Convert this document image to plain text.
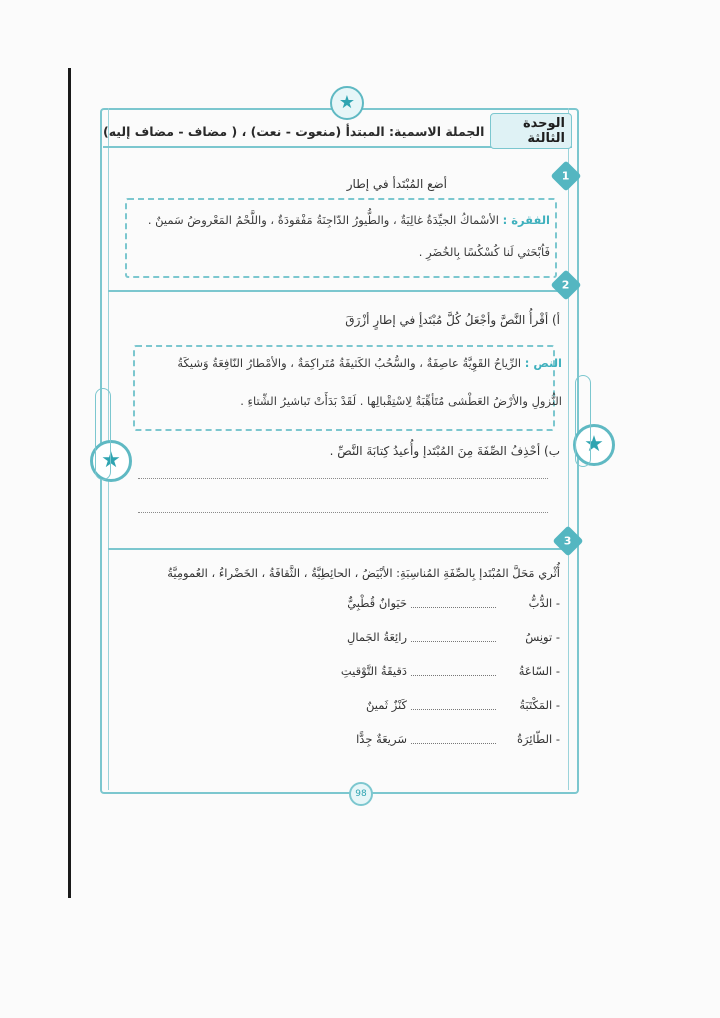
★
★
★
الوحدة الثالثة
الجملة الاسمية: المبتدأ (منعوت - نعت) ، ( مضاف - مضاف إليه)
1
أضع المُبْتَدأ في إطار
الفقرة : الأسْماكُ الجيِّدَةُ غالِيَةٌ ، والطُّيورُ الدّاجِنَةُ مَفْقودَةٌ ، واللَّحْمُ المَعْروضُ سَمينٌ .
فَاُبْحَثي لَنا كُسْكُسًا بِالخُضَرِ .
2
أ) أقْرأُ النَّصَّ وأجْعَلُ كُلَّ مُبْتَدأٍ في إطارٍ أزْرَقَ
النص : الرِّياحُ القَوِيَّةُ عاصِفَةٌ ، والسُّحُبُ الكَثيفَةُ مُتَراكِمَةٌ ، والأمْطارُ النّافِعَةُ وَشيكَةُ
النُّزولِ والأرْضُ العَطْشى مُتَأهِّبَةٌ لِاسْتِقْبالِها . لَقَدْ بَدَأَتْ تَباشيرُ الشِّتاءِ .
ب) أحْذِفُ الصِّفَةَ مِنَ المُبْتَدإ وأُعيدُ كِتابَةَ النَّصِّ .
3
أُثْري مَحَلَّ المُبْتَدإ بِالصِّفَةِ المُناسِبَةِ: الأبْيَضُ ، الحائِطِيَّةُ ، الثَّقافَةُ ، الخَضْراءُ ، العُمومِيَّةُ
- الدُّبُّ
حَيَوانٌ قُطْبِيٌّ
- تونِسُ
رائِعَةُ الجَمالِ
- السّاعَةُ
دَقيقَةُ التَّوْقيتِ
- المَكْتَبَةُ
كَنْزٌ ثَمينٌ
- الطّائِرَةُ
سَريعَةٌ جِدًّا
98
